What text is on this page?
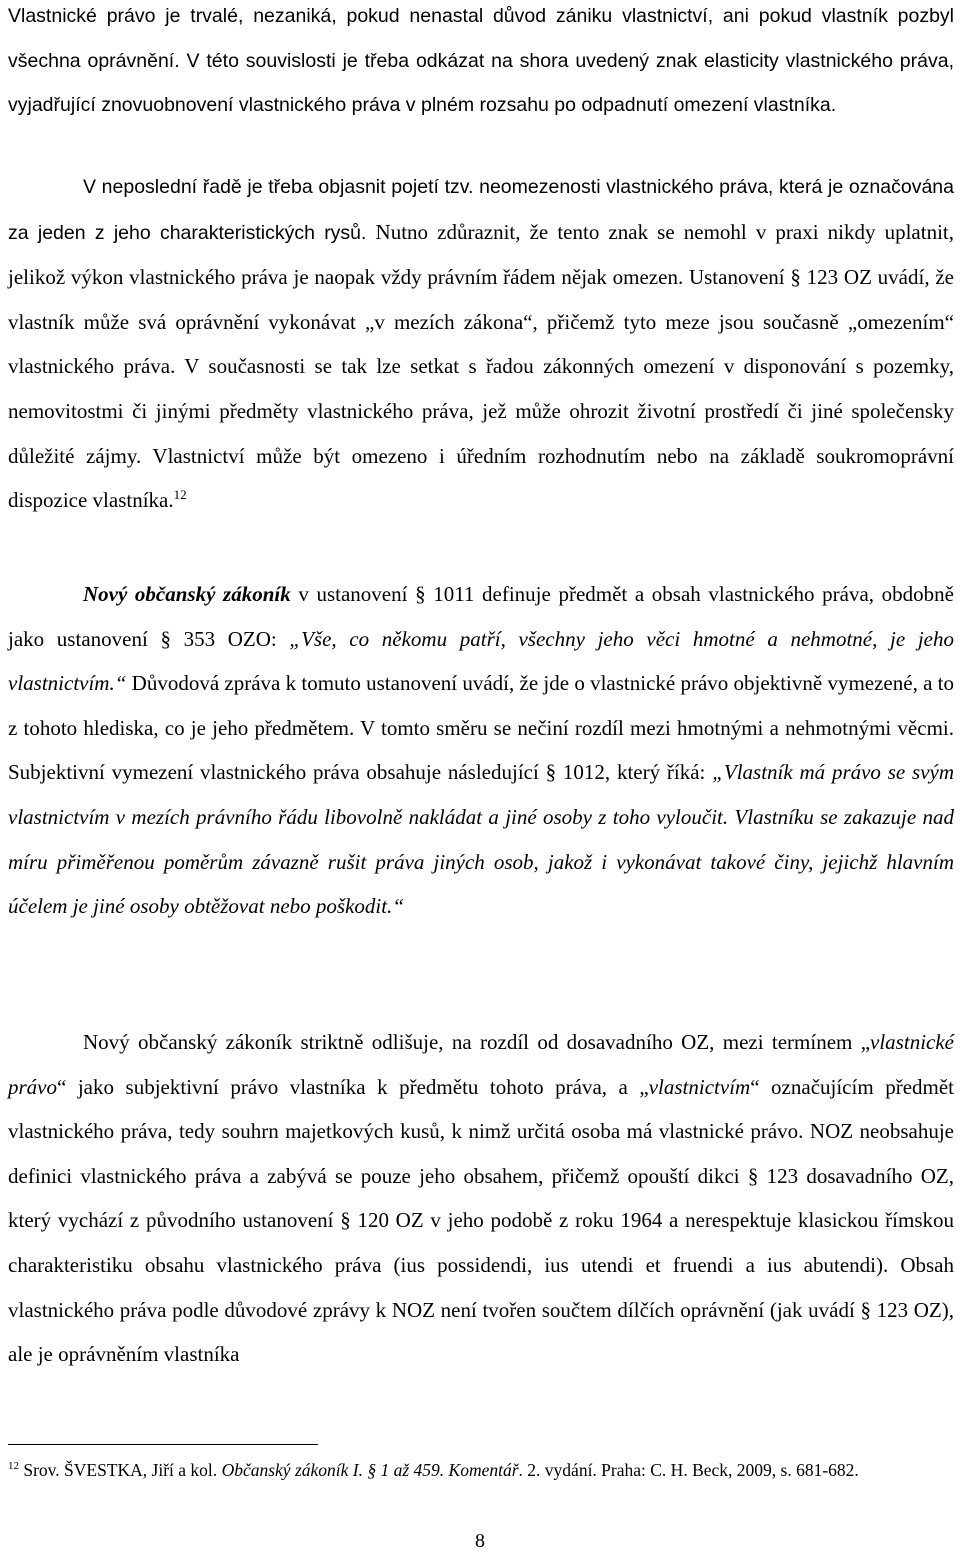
Vlastnické právo je trvalé, nezaniká, pokud nenastal důvod zániku vlastnictví, ani pokud vlastník pozbyl všechna oprávnění. V této souvislosti je třeba odkázat na shora uvedený znak elasticity vlastnického práva, vyjadřující znovuobnovení vlastnického práva v plném rozsahu po odpadnutí omezení vlastníka.

V neposlední řadě je třeba objasnit pojetí tzv. neomezenosti vlastnického práva, která je označována za jeden z jeho charakteristických rysů. Nutno zdůraznit, že tento znak se nemohl v praxi nikdy uplatnit, jelikož výkon vlastnického práva je naopak vždy právním řádem nějak omezen. Ustanovení § 123 OZ uvádí, že vlastník může svá oprávnění vykonávat „v mezích zákona“, přičemž tyto meze jsou současně „omezením“ vlastnického práva. V současnosti se tak lze setkat s řadou zákonných omezení v disponování s pozemky, nemovitostmi či jinými předměty vlastnického práva, jež může ohrozit životní prostředí či jiné společensky důležité zájmy. Vlastnictví může být omezeno i úředním rozhodnutím nebo na základě soukromoprávní dispozice vlastníka.$^{12}$

Nový občanský zákoník v ustanovení § 1011 definuje předmět a obsah vlastnického práva, obdobně jako ustanovení § 353 OZO: „Vše, co někomu patří, všechny jeho věci hmotné a nehmotné, je jeho vlastnictvím.“ Důvodová zpráva k tomuto ustanovení uvádí, že jde o vlastnické právo objektivně vymezené, a to z tohoto hlediska, co je jeho předmětem. V tomto směru se nečiní rozdíl mezi hmotnými a nehmotnými věcmi. Subjektivní vymezení vlastnického práva obsahuje následující § 1012, který říká: „Vlastník má právo se svým vlastnictvím v mezích právního řádu libovolně nakládat a jiné osoby z toho vyloučit. Vlastníku se zakazuje nad míru přiměřenou poměrům závazně rušit práva jiných osob, jakož i vykonávat takové činy, jejichž hlavním účelem je jiné osoby obtěžovat nebo poškodit.“

Nový občanský zákoník striktně odlišuje, na rozdíl od dosavadního OZ, mezi termínem „vlastnické právo“ jako subjektivní právo vlastníka k předmětu tohoto práva, a „vlastnictvím“ označujícím předmět vlastnického práva, tedy souhrn majetkových kusů, k nimž určitá osoba má vlastnické právo. NOZ neobsahuje definici vlastnického práva a zabývá se pouze jeho obsahem, přičemž opouští dikci § 123 dosavadního OZ, který vychází z původního ustanovení § 120 OZ v jeho podobě z roku 1964 a nerespektuje klasickou římskou charakteristiku obsahu vlastnického práva (ius possidendi, ius utendi et fruendi a ius abutendi). Obsah vlastnického práva podle důvodové zprávy k NOZ není tvořen součtem dílčích oprávnění (jak uvádí § 123 OZ), ale je oprávněním vlastníka

$^{12}$ Srov. ŠVESTKA, Jiří a kol. Občanský zákoník I. § 1 až 459. Komentář. 2. vydání. Praha: C. H. Beck, 2009, s. 681-682.

8
